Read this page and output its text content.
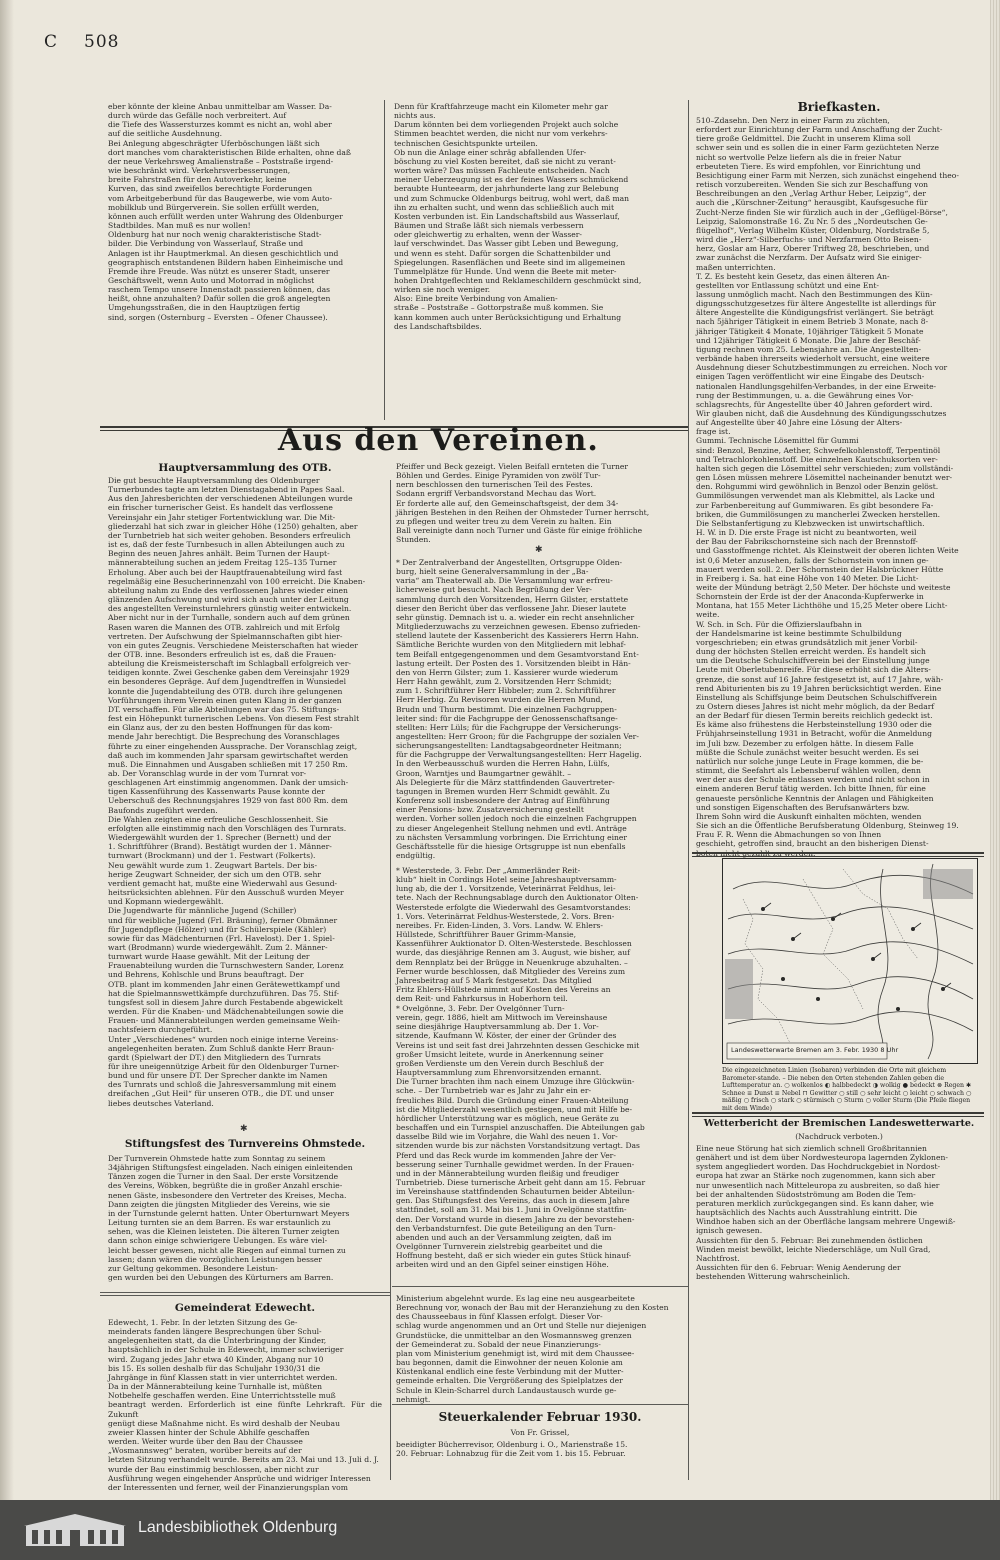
C 508
eber könnte der kleine Anbau unmittelbar am Wasser. Da-
durch würde das Gefälle noch verbreitert. Auf
die Tiefe des Wassersturzes kommt es nicht an, wohl aber
auf die seitliche Ausdehnung.
Bei Anlegung abgeschrägter Uferböschungen läßt sich
dort manches vom charakteristischen Bilde erhalten, ohne daß
der neue Verkehrsweg Amalienstraße – Poststraße irgend-
wie beschränkt wird. Verkehrsverbesserungen,
breite Fahrstraßen für den Autoverkehr, keine
Kurven, das sind zweifellos berechtigte Forderungen
vom Arbeitgeberbund für das Baugewerbe, wie vom Auto-
mobilklub und Bürgerverein. Sie sollen erfüllt werden,
können auch erfüllt werden unter Wahrung des Oldenburger
Stadtbildes. Man muß es nur wollen!
Oldenburg hat nur noch wenig charakteristische Stadt-
bilder. Die Verbindung von Wasserlauf, Straße und
Anlagen ist ihr Hauptmerkmal. An diesen geschichtlich und
geographisch entstandenen Bildern haben Einheimische und
Fremde ihre Freude. Was nützt es unserer Stadt, unserer
Geschäftswelt, wenn Auto und Motorrad in möglichst
raschem Tempo unsere Innenstadt passieren können, das
heißt, ohne anzuhalten? Dafür sollen die groß angelegten
Umgehungsstraßen, die in den Hauptzügen fertig
sind, sorgen (Osternburg – Eversten – Ofener Chaussee).
Denn für Kraftfahrzeuge macht ein Kilometer mehr gar
nichts aus.
Darum könnten bei dem vorliegenden Projekt auch solche
Stimmen beachtet werden, die nicht nur vom verkehrs-
technischen Gesichtspunkte urteilen.
Ob nun die Anlage einer schräg abfallenden Ufer-
böschung zu viel Kosten bereitet, daß sie nicht zu verant-
worten wäre? Das müssen Fachleute entscheiden. Nach
meiner Ueberzeugung ist es der feines Wassers schmückend
beraubte Hunteearm, der jahrhunderte lang zur Belebung
und zum Schmucke Oldenburgs beitrug, wohl wert, daß man
ihn zu erhalten sucht, und wenn das schließlich auch mit
Kosten verbunden ist. Ein Landschaftsbild aus Wasserlauf,
Bäumen und Straße läßt sich niemals verbessern
oder gleichwertig zu erhalten, wenn der Wasser-
lauf verschwindet. Das Wasser gibt Leben und Bewegung,
und wenn es steht. Dafür sorgen die Schattenbilder und
Spiegelungen. Rasenflächen und Beete sind im allgemeinen
Tummelplätze für Hunde. Und wenn die Beete mit meter-
hohen Drahtgeflechten und Reklameschildern geschmückt sind,
wirken sie noch weniger.
Also: Eine breite Verbindung von Amalien-
straße – Poststraße – Gottorpstraße muß kommen. Sie
kann kommen auch unter Berücksichtigung und Erhaltung
des Landschaftsbildes.
Aus den Vereinen.
Hauptversammlung des OTB.
Die gut besuchte Hauptversammlung des Oldenburger
Turnerbundes tagte am letzten Dienstagabend in Papes Saal.
Aus den Jahresberichten der verschiedenen Abteilungen wurde
ein frischer turnerischer Geist. Es handelt das verflossene
Vereinsjahr ein Jahr stetiger Fortentwicklung war. Die Mit-
gliederzahl hat sich zwar in gleicher Höhe (1250) gehalten, aber
der Turnbetrieb hat sich weiter gehoben. Besonders erfreulich
ist es, daß der feste Turnbesuch in allen Abteilungen auch zu
Beginn des neuen Jahres anhält. Beim Turnen der Haupt-
männerabteilung suchen an jedem Freitag 125–135 Turner
Erholung. Aber auch bei der Hauptfrauenabteilung wird fast
regelmäßig eine Besucherinnenzahl von 100 erreicht. Die Knaben-
abteilung nahm zu Ende des verflossenen Jahres wieder einen
glänzenden Aufschwung und wird sich auch unter der Leitung
des angestellten Vereinsturnlehrers günstig weiter entwickeln.
Aber nicht nur in der Turnhalle, sondern auch auf dem grünen
Rasen waren die Mannen des OTB. zahlreich und mit Erfolg
vertreten. Der Aufschwung der Spielmannschaften gibt hier-
von ein gutes Zeugnis. Verschiedene Meisterschaften hat wieder
der OTB. inne. Besonders erfreulich ist es, daß die Frauen-
abteilung die Kreismeisterschaft im Schlagball erfolgreich ver-
teidigen konnte. Zwei Geschenke gaben dem Vereinsjahr 1929
ein besonderes Gepräge. Auf dem Jugendtreffen in Wunsiedel
konnte die Jugendabteilung des OTB. durch ihre gelungenen
Vorführungen ihrem Verein einen guten Klang in der ganzen
DT. verschaffen. Für alle Abteilungen war das 75. Stiftungs-
fest ein Höhepunkt turnerischen Lebens. Von diesem Fest strahlt
ein Glanz aus, der zu den besten Hoffnungen für das kom-
mende Jahr berechtigt. Die Besprechung des Voranschlages
führte zu einer eingehenden Aussprache. Der Voranschlag zeigt,
daß auch im kommenden Jahr sparsam gewirtschaftet werden
muß. Die Einnahmen und Ausgaben schließen mit 17 250 Rm.
ab. Der Voranschlag wurde in der vom Turnrat vor-
geschlagenen Art einstimmig angenommen. Dank der umsich-
tigen Kassenführung des Kassenwarts Pause konnte der
Ueberschuß des Rechnungsjahres 1929 von fast 800 Rm. dem
Baufonds zugeführt werden.
Die Wahlen zeigten eine erfreuliche Geschlossenheit. Sie
erfolgten alle einstimmig nach den Vorschlägen des Turnrats.
Wiedergewählt wurden der 1. Sprecher (Bernett) und der
1. Schriftführer (Brand). Bestätigt wurden der 1. Männer-
turnwart (Brockmann) und der 1. Festwart (Folkerts).
Neu gewählt wurde zum 1. Zeugwart Bartels. Der bis-
herige Zeugwart Schneider, der sich um den OTB. sehr
verdient gemacht hat, mußte eine Wiederwahl aus Gesund-
heitsrücksichten ablehnen. Für den Ausschuß wurden Meyer
und Kopmann wiedergewählt.
Die Jugendwarte für männliche Jugend (Schiller)
und für weibliche Jugend (Frl. Bräuning), ferner Obmänner
für Jugendpflege (Hölzer) und für Schülerspiele (Kähler)
sowie für das Mädchenturnen (Frl. Havelost). Der 1. Spiel-
wart (Brodmann) wurde wiedergewählt. Zum 2. Männer-
turnwart wurde Haase gewählt. Mit der Leitung der
Frauenabteilung wurden die Turnschwestern Sander, Lorenz
und Behrens, Kohlschle und Bruns beauftragt. Der
OTB. plant im kommenden Jahr einen Gerätewettkampf und
hat die Spielmannswettkämpfe durchzuführen. Das 75. Stif-
tungsfest soll in diesem Jahre durch Festabende abgewickelt
werden. Für die Knaben- und Mädchenabteilungen sowie die
Frauen- und Männerabteilungen werden gemeinsame Weih-
nachtsfeiern durchgeführt.
Unter „Verschiedenes“ wurden noch einige interne Vereins-
angelegenheiten beraten. Zum Schluß dankte Herr Braun-
gardt (Spielwart der DT.) den Mitgliedern des Turnrats
für ihre uneigennützige Arbeit für den Oldenburger Turner-
bund und für unsere DT. Der Sprecher dankte im Namen
des Turnrats und schloß die Jahresversammlung mit einem
dreifachen „Gut Heil“ für unseren OTB., die DT. und unser
liebes deutsches Vaterland.
✱
Stiftungsfest des Turnvereins Ohmstede.
Der Turnverein Ohmstede hatte zum Sonntag zu seinem
34jährigen Stiftungsfest eingeladen. Nach einigen einleitenden
Tänzen zogen die Turner in den Saal. Der erste Vorsitzende
des Vereins, Wöbken, begrüßte die in großer Anzahl erschie-
nenen Gäste, insbesondere den Vertreter des Kreises, Mecha.
Dann zeigten die jüngsten Mitglieder des Vereins, wie sie
in der Turnstunde gelernt hatten. Unter Oberturnwart Meyers
Leitung turnten sie an dem Barren. Es war erstaunlich zu
sehen, was die Kleinen leisteten. Die älteren Turner zeigten
dann schon einige schwierigere Uebungen. Es wäre viel-
leicht besser gewesen, nicht alle Riegen auf einmal turnen zu
lassen; dann wären die vorzüglichen Leistungen besser
zur Geltung gekommen. Besondere Leistun-
gen wurden bei den Uebungen des Kürturners am Barren.
Gemeinderat Edewecht.
Edewecht, 1. Febr. In der letzten Sitzung des Ge-
meinderats fanden längere Besprechungen über Schul-
angelegenheiten statt, da die Unterbringung der Kinder,
hauptsächlich in der Schule in Edewecht, immer schwieriger
wird. Zugang jedes Jahr etwa 40 Kinder, Abgang nur 10
bis 15. Es sollen deshalb für das Schuljahr 1930/31 die
Jahrgänge in fünf Klassen statt in vier unterrichtet werden.
Da in der Männerabteilung keine Turnhalle ist, müßten
Notbehelfe geschaffen werden. Eine Unterrichtsstelle muß
beantragt werden. Erforderlich ist eine fünfte Lehrkraft. Für die Zukunft
genügt diese Maßnahme nicht. Es wird deshalb der Neubau
zweier Klassen hinter der Schule Abhilfe geschaffen
werden. Weiter wurde über den Bau der Chaussee
„Wosmannsweg“ beraten, worüber bereits auf der
letzten Sitzung verhandelt wurde. Bereits am 23. Mai und 13. Juli d. J.
wurde der Bau einstimmig beschlossen, aber nicht zur
Ausführung wegen eingehender Ansprüche und widriger Interessen
der Interessenten und ferner, weil der Finanzierungsplan vom
Pfeiffer und Beck gezeigt. Vielen Beifall ernteten die Turner
Böhlen und Gerdes. Einige Pyramiden von zwölf Tur-
nern beschlossen den turnerischen Teil des Festes.
Sodann ergriff Verbandsvorstand Mechau das Wort.
Er forderte alle auf, den Gemeinschaftsgeist, der dem 34-
jährigen Bestehen in den Reihen der Ohmsteder Turner herrscht,
zu pflegen und weiter treu zu dem Verein zu halten. Ein
Ball vereinigte dann noch Turner und Gäste für einige fröhliche
Stunden.
✱
* Der Zentralverband der Angestellten, Ortsgruppe Olden-
burg, hielt seine Generalversammlung in der „Ba-
varia“ am Theaterwall ab. Die Versammlung war erfreu-
licherweise gut besucht. Nach Begrüßung der Ver-
sammlung durch den Vorsitzenden, Herrn Gilster, erstattete
dieser den Bericht über das verflossene Jahr. Dieser lautete
sehr günstig. Demnach ist u. a. wieder ein recht ansehnlicher
Mitgliederzuwachs zu verzeichnen gewesen. Ebenso zufrieden-
stellend lautete der Kassenbericht des Kassierers Herrn Hahn.
Sämtliche Berichte wurden von den Mitgliedern mit lebhaf-
tem Beifall entgegengenommen und dem Gesamtvorstand Ent-
lastung erteilt. Der Posten des 1. Vorsitzenden bleibt in Hän-
den von Herrn Gilster; zum 1. Kassierer wurde wiederum
Herr Hahn gewählt, zum 2. Vorsitzenden Herr Schmidt;
zum 1. Schriftführer Herr Hibbeler; zum 2. Schriftführer
Herr Herbig. Zu Revisoren wurden die Herren Mund,
Brudn und Thurm bestimmt. Die einzelnen Fachgruppen-
leiter sind: für die Fachgruppe der Genossenschaftsange-
stellten: Herr Lüls; für die Fachgruppe der Versicherungs-
angestellten: Herr Groon; für die Fachgruppe der sozialen Ver-
sicherungsangestellten: Landtagsabgeordneter Heitmann;
für die Fachgruppe der Verwaltungsangestellten: Herr Hagelig.
In den Werbeausschuß wurden die Herren Hahn, Lülfs,
Groon, Warntjes und Baumgartner gewählt. –
Als Delegierte für die März stattfindenden Gauvertreter-
tagungen in Bremen wurden Herr Schmidt gewählt. Zu
Konferenz soll insbesondere der Antrag auf Einführung
einer Pensions- bzw. Zusatzversicherung gestellt
werden. Vorher sollen jedoch noch die einzelnen Fachgruppen
zu dieser Angelegenheit Stellung nehmen und evtl. Anträge
zu nächsten Versammlung vorbringen. Die Errichtung einer
Geschäftsstelle für die hiesige Ortsgruppe ist nun ebenfalls
endgültig.
* Westerstede, 3. Febr. Der „Ammerländer Reit-
klub“ hielt in Cordings Hotel seine Jahreshauptversamm-
lung ab, die der 1. Vorsitzende, Veterinärrat Feldhus, lei-
tete. Nach der Rechnungsablage durch den Auktionator Olten-
Westerstede erfolgte die Wiederwahl des Gesamtvorstandes:
1. Vors. Veterinärrat Feldhus-Westerstede, 2. Vors. Bren-
nereibes. Fr. Eiden-Linden, 3. Vors. Landw. W. Ehlers-
Hüllstede, Schriftführer Bauer Grimm-Mansie,
Kassenführer Auktionator D. Olten-Westerstede. Beschlossen
wurde, das diesjährige Rennen am 3. August, wie bisher, auf
dem Rennplatz bei der Brügge in Neuenkruge abzuhalten. –
Ferner wurde beschlossen, daß Mitglieder des Vereins zum
Jahresbeitrag auf 5 Mark festgesetzt. Das Mitglied
Fritz Ehlers-Hüllstede nimmt auf Kosten des Vereins an
dem Reit- und Fahrkursus in Hoberhorn teil.
* Ovelgönne, 3. Febr. Der Ovelgönner Turn-
verein, gegr. 1886, hielt am Mittwoch im Vereinshause
seine diesjährige Hauptversammlung ab. Der 1. Vor-
sitzende, Kaufmann W. Köster, der einer der Gründer des
Vereins ist und seit fast drei Jahrzehnten dessen Geschicke mit
großer Umsicht leitete, wurde in Anerkennung seiner
großen Verdienste um den Verein durch Beschluß der
Hauptversammlung zum Ehrenvorsitzenden ernannt.
Die Turner brachten ihm nach einem Umzuge ihre Glückwün-
sche. – Der Turnbetrieb war es Jahr zu Jahr ein er-
freuliches Bild. Durch die Gründung einer Frauen-Abteilung
ist die Mitgliederzahl wesentlich gestiegen, und mit Hilfe be-
hördlicher Unterstützung war es möglich, neue Geräte zu
beschaffen und ein Turnspiel anzuschaffen. Die Abteilungen gab
dasselbe Bild wie im Vorjahre, die Wahl des neuen 1. Vor-
sitzenden wurde bis zur nächsten Vorstandsitzung vertagt. Das
Pferd und das Reck wurde im kommenden Jahre der Ver-
besserung seiner Turnhalle gewidmet werden. In der Frauen-
und in der Männerabteilung wurden fleißig und freudiger
Turnbetrieb. Diese turnerische Arbeit geht dann am 15. Februar
im Vereinshause stattfindenden Schauturnen beider Abteilun-
gen. Das Stiftungsfest des Vereins, das auch in diesem Jahre
stattfindet, soll am 31. Mai bis 1. Juni in Ovelgönne stattfin-
den. Der Vorstand wurde in diesem Jahre zu der bevorstehen-
den Verbandsturnfest. Die gute Beteiligung an den Turn-
abenden und auch an der Versammlung zeigten, daß im
Ovelgönner Turnverein zielstrebig gearbeitet und die
Hoffnung besteht, daß er sich wieder ein gutes Stück hinauf-
arbeiten wird und an den Gipfel seiner einstigen Höhe.
Ministerium abgelehnt wurde. Es lag eine neu ausgearbeitete
Berechnung vor, wonach der Bau mit der Heranziehung zu den Kosten
des Chausseebaus in fünf Klassen erfolgt. Dieser Vor-
schlag wurde angenommen und an Ort und Stelle nur diejenigen
Grundstücke, die unmittelbar an den Wosmannsweg grenzen
der Gemeinderat zu. Sobald der neue Finanzierungs-
plan vom Ministerium genehmigt ist, wird mit dem Chaussee-
bau begonnen, damit die Einwohner der neuen Kolonie am
Küstenkanal endlich eine feste Verbindung mit der Mutter-
gemeinde erhalten. Die Vergrößerung des Spielplatzes der
Schule in Klein-Scharrel durch Landaustausch wurde ge-
nehmigt.
Steuerkalender Februar 1930.
Von Fr. Grissel,
beeidigter Bücherrevisor, Oldenburg i. O., Marienstraße 15.
20. Februar: Lohnabzug für die Zeit vom 1. bis 15. Februar.
Briefkasten.
510–Zdasehn. Den Nerz in einer Farm zu züchten,
erfordert zur Einrichtung der Farm und Anschaffung der Zucht-
tiere große Geldmittel. Die Zucht in unserem Klima soll
schwer sein und es sollen die in einer Farm gezüchteten Nerze
nicht so wertvolle Pelze liefern als die in freier Natur
erbeuteten Tiere. Es wird empfohlen, vor Einrichtung und
Besichtigung einer Farm mit Nerzen, sich zunächst eingehend theo-
retisch vorzubereiten. Wenden Sie sich zur Beschaffung von
Beschreibungen an den „Verlag Arthur Heber, Leipzig“, der
auch die „Kürschner-Zeitung“ herausgibt, Kaufsgesuche für
Zucht-Nerze finden Sie wir fürzlich auch in der „Geflügel-Börse“,
Leipzig, Salomonstraße 16. Zu Nr. 5 des „Nordeutschen Ge-
flügelhof“, Verlag Wilhelm Küster, Oldenburg, Nordstraße 5,
wird die „Herz“-Silberfuchs- und Nerzfarmen Otto Beisen-
herz, Goslar am Harz, Oberer Triftweg 28, beschrieben, und
zwar zunächst die Nerzfarm. Der Aufsatz wird Sie einiger-
maßen unterrichten.
T. Z. Es besteht kein Gesetz, das einen älteren An-
gestellten vor Entlassung schützt und eine Ent-
lassung unmöglich macht. Nach den Bestimmungen des Kün-
digungsschutzgesetzes für ältere Angestellte ist allerdings für
ältere Angestellte die Kündigungsfrist verlängert. Sie beträgt
nach 5jähriger Tätigkeit in einem Betrieb 3 Monate, nach 8-
jähriger Tätigkeit 4 Monate, 10jähriger Tätigkeit 5 Monate
und 12jähriger Tätigkeit 6 Monate. Die Jahre der Beschäf-
tigung rechnen vom 25. Lebensjahre an. Die Angestellten-
verbände haben ihrerseits wiederholt versucht, eine weitere
Ausdehnung dieser Schutzbestimmungen zu erreichen. Noch vor
einigen Tagen veröffentlicht wir eine Eingabe des Deutsch-
nationalen Handlungsgehilfen-Verbandes, in der eine Erweite-
rung der Bestimmungen, u. a. die Gewährung eines Vor-
schlagsrechts, für Angestellte über 40 Jahren gefordert wird.
Wir glauben nicht, daß die Ausdehnung des Kündigungsschutzes
auf Angestellte über 40 Jahre eine Lösung der Alters-
frage ist.
Gummi. Technische Lösemittel für Gummi
sind: Benzol, Benzine, Aether, Schwefelkohlenstoff, Terpentinöl
und Tetrachlorkohlenstoff. Die einzelnen Kautschuksorten ver-
halten sich gegen die Lösemittel sehr verschieden; zum vollständi-
gen Lösen müssen mehrere Lösemittel nacheinander benutzt wer-
den. Rohgummi wird gewöhnlich in Benzol oder Benzin gelöst.
Gummilösungen verwendet man als Klebmittel, als Lacke und
zur Farbenbereitung auf Gummiwaren. Es gibt besondere Fa-
briken, die Gummilösungen zu mancherlei Zwecken herstellen.
Die Selbstanfertigung zu Klebzwecken ist unwirtschaftlich.
H. W. in D. Die erste Frage ist nicht zu beantworten, weil
der Bau der Fabrikschornsteine sich nach der Brennstoff-
und Gasstoffmenge richtet. Als Kleinstweit der oberen lichten Weite
ist 0,6 Meter anzusehen, falls der Schornstein von innen ge-
mauert werden soll. 2. Der Schornstein der Halsbrückner Hütte
in Freiberg i. Sa. hat eine Höhe von 140 Meter. Die Licht-
weite der Mündung beträgt 2,50 Meter. Der höchste und weiteste
Schornstein der Erde ist der der Anaconda-Kupferwerke in
Montana, hat 155 Meter Lichthöhe und 15,25 Meter obere Licht-
weite.
W. Sch. in Sch. Für die Offizierslaufbahn in
der Handelsmarine ist keine bestimmte Schulbildung
vorgeschrieben; ein etwas grundsätzlich mit jener Vorbil-
dung der höchsten Stellen erreicht werden. Es handelt sich
um die Deutsche Schulschiffverein bei der Einstellung junge
Leute mit Oberletubenreife. Für diese erhöht sich die Alters-
grenze, die sonst auf 16 Jahre festgesetzt ist, auf 17 Jahre, wäh-
rend Abiturienten bis zu 19 Jahren berücksichtigt werden. Eine
Einstellung als Schiffsjunge beim Deutschen Schulschiffverein
zu Ostern dieses Jahres ist nicht mehr möglich, da der Bedarf
an der Bedarf für diesen Termin bereits reichlich gedeckt ist.
Es käme also frühestens die Herbsteinstellung 1930 oder die
Frühjahrseinstellung 1931 in Betracht, wofür die Anmeldung
im Juli bzw. Dezember zu erfolgen hätte. In diesem Falle
müßte die Schule zunächst weiter besucht werden. Es sei
natürlich nur solche junge Leute in Frage kommen, die be-
stimmt, die Seefahrt als Lebensberuf wählen wollen, denn
wer der aus der Schule entlassen werden und nicht schon in
einem anderen Beruf tätig werden. Ich bitte Ihnen, für eine
genaueste persönliche Kenntnis der Anlagen und Fähigkeiten
und sonstigen Eigenschaften des Berufsanwärters bzw.
Ihrem Sohn wird die Auskunft einhalten möchten, wenden
Sie sich an die Öffentliche Berufsberatung Oldenburg, Steinweg 19.
Frau F. R. Wenn die Abmachungen so von Ihnen
geschieht, getroffen sind, braucht an den bisherigen Dienst-
boten nicht gezahlt zu werden.
Landeswetterwarte Bremen am 3. Febr. 1930 8 Uhr
Die eingezeichneten Linien (Isobaren) verbinden die Orte mit gleichem Barometer-stande. – Die neben den Orten stehenden Zahlen geben die Lufttemperatur an. ○ wolkenlos ◐ halbbedeckt ◑ wolkig ● bedeckt ⊗ Regen ✱ Schnee ≡ Dunst ≡ Nebel ⊓ Gewitter ○ still ○ sehr leicht ○ leicht ○ schwach ○ mäßig ○ frisch ○ stark ○ stürmisch ○ Sturm ○ voller Sturm (Die Pfeile fliegen mit dem Winde)
Wetterbericht der Bremischen Landeswetterwarte.
(Nachdruck verboten.)
Eine neue Störung hat sich ziemlich schnell Großbritannien
genähert und ist dem über Nordwesteuropa lagernden Zyklonen-
system angegliedert worden. Das Hochdruckgebiet in Nordost-
europa hat zwar an Stärke noch zugenommen, kann sich aber
nur unwesentlich nach Mitteleuropa zu ausbreiten, so daß hier
bei der anhaltenden Südostströmung am Boden die Tem-
peraturen merklich zurückgegangen sind. Es kann daher, wie
hauptsächlich des Nachts auch Ausstrahlung eintritt. Die
Windhoe haben sich an der Oberfläche langsam mehrere Ungewiß-
ignisch gewesen.
Aussichten für den 5. Februar: Bei zunehmenden östlichen
Winden meist bewölkt, leichte Niederschläge, um Null Grad,
Nachtfrost.
Aussichten für den 6. Februar: Wenig Aenderung der
bestehenden Witterung wahrscheinlich.
Landesbibliothek Oldenburg
